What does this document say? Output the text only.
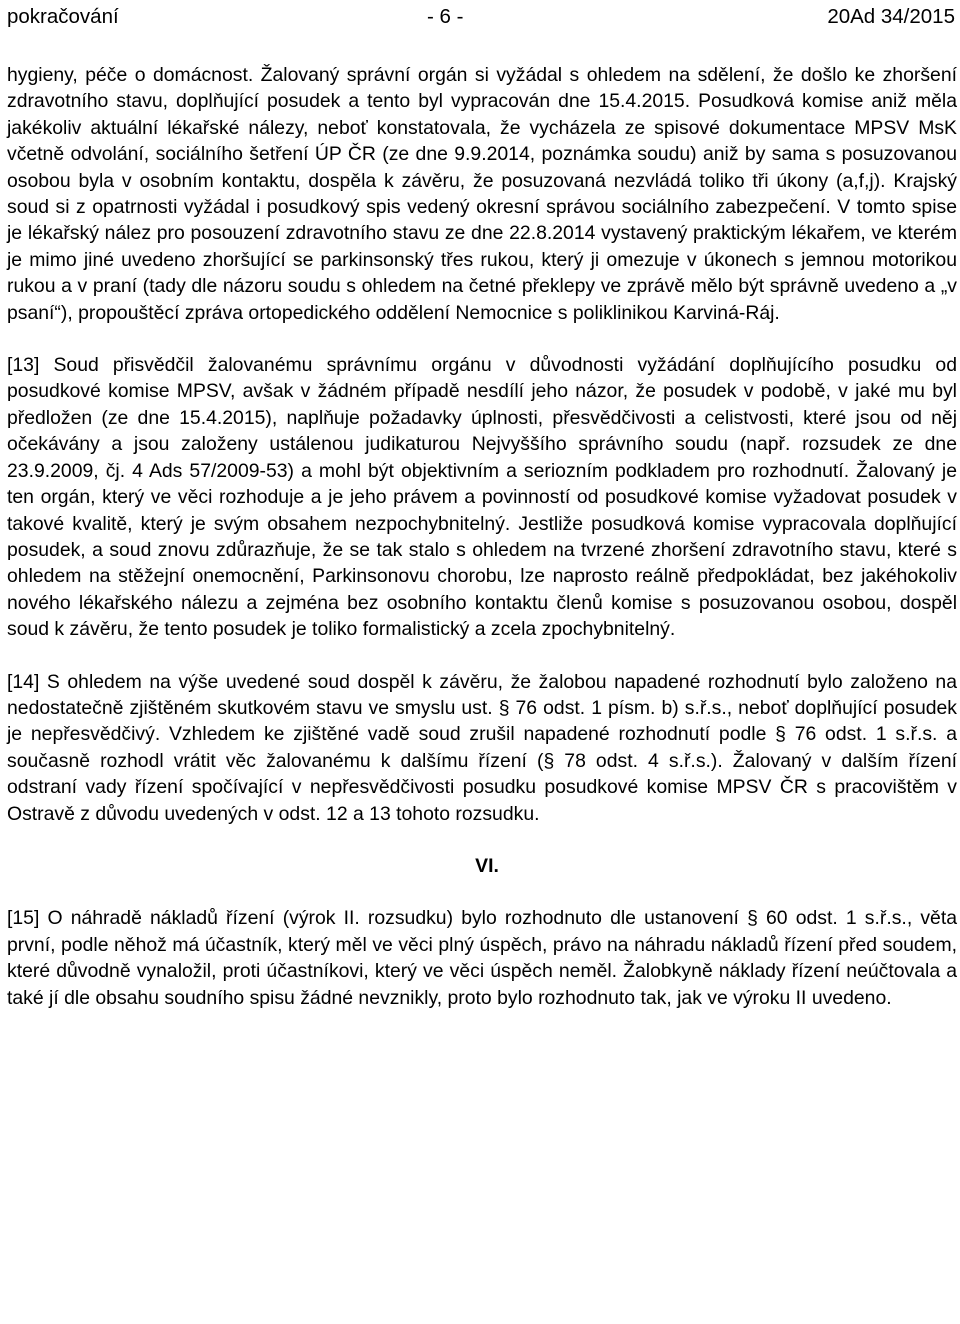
pokračování	- 6 -	20Ad 34/2015

hygieny, péče o domácnost. Žalovaný správní orgán si vyžádal s ohledem na sdělení, že došlo ke zhoršení zdravotního stavu, doplňující posudek a tento byl vypracován dne 15.4.2015. Posudková komise aniž měla jakékoliv aktuální lékařské nálezy, neboť konstatovala, že vycházela ze spisové dokumentace MPSV MsK včetně odvolání, sociálního šetření ÚP ČR (ze dne 9.9.2014, poznámka soudu) aniž by sama s posuzovanou osobou byla v osobním kontaktu, dospěla k závěru, že posuzovaná nezvládá toliko tři úkony (a,f,j). Krajský soud si z opatrnosti vyžádal i posudkový spis vedený okresní správou sociálního zabezpečení. V tomto spise je lékařský nález pro posouzení zdravotního stavu ze dne 22.8.2014 vystavený praktickým lékařem, ve kterém je mimo jiné uvedeno zhoršující se parkinsonský třes rukou, který ji omezuje v úkonech s jemnou motorikou rukou a v praní (tady dle názoru soudu s ohledem na četné překlepy ve zprávě mělo být správně uvedeno a „v psaní“), propouštěcí zpráva ortopedického oddělení Nemocnice s poliklinikou Karviná-Ráj.

[13] Soud přisvědčil žalovanému správnímu orgánu v důvodnosti vyžádání doplňujícího posudku od posudkové komise MPSV, avšak v žádném případě nesdílí jeho názor, že posudek v podobě, v jaké mu byl předložen (ze dne 15.4.2015), naplňuje požadavky úplnosti, přesvědčivosti a celistvosti, které jsou od něj očekávány a jsou založeny ustálenou judikaturou Nejvyššího správního soudu (např. rozsudek ze dne 23.9.2009, čj. 4 Ads 57/2009-53) a mohl být objektivním a seriozním podkladem pro rozhodnutí. Žalovaný je ten orgán, který ve věci rozhoduje a je jeho právem a povinností od posudkové komise vyžadovat posudek v takové kvalitě, který je svým obsahem nezpochybnitelný. Jestliže posudková komise vypracovala doplňující posudek, a soud znovu zdůrazňuje, že se tak stalo s ohledem na tvrzené zhoršení zdravotního stavu, které s ohledem na stěžejní onemocnění, Parkinsonovu chorobu, lze naprosto reálně předpokládat, bez jakéhokoliv nového lékařského nálezu a zejména bez osobního kontaktu členů komise s posuzovanou osobou, dospěl soud k závěru, že tento posudek je toliko formalistický a zcela zpochybnitelný.

[14] S ohledem na výše uvedené soud dospěl k závěru, že žalobou napadené rozhodnutí bylo založeno na nedostatečně zjištěném skutkovém stavu ve smyslu ust. § 76 odst. 1 písm. b) s.ř.s., neboť doplňující posudek je nepřesvědčivý. Vzhledem ke zjištěné vadě soud zrušil napadené rozhodnutí podle § 76 odst. 1 s.ř.s. a současně rozhodl vrátit věc žalovanému k dalšímu řízení (§ 78 odst. 4 s.ř.s.). Žalovaný v dalším řízení odstraní vady řízení spočívající v nepřesvědčivosti posudku posudkové komise MPSV ČR s pracovištěm v Ostravě z důvodu uvedených v odst. 12 a 13 tohoto rozsudku.

VI.

[15] O náhradě nákladů řízení (výrok II. rozsudku) bylo rozhodnuto dle ustanovení § 60 odst. 1 s.ř.s., věta první, podle něhož má účastník, který měl ve věci plný úspěch, právo na náhradu nákladů řízení před soudem, které důvodně vynaložil, proti účastníkovi, který ve věci úspěch neměl. Žalobkyně náklady řízení neúčtovala a také jí dle obsahu soudního spisu žádné nevznikly, proto bylo rozhodnuto tak, jak ve výroku II uvedeno.
